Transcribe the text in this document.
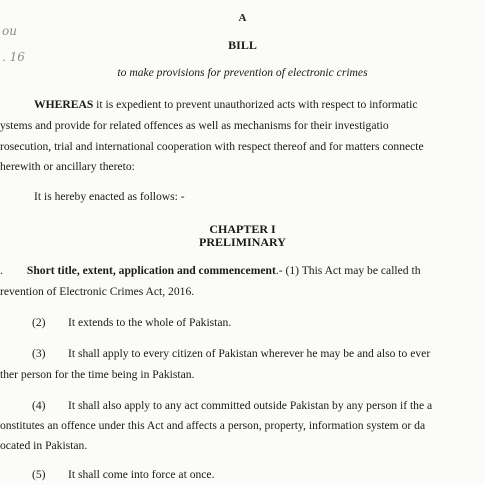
ou
. 16
A
BILL
to make provisions for prevention of electronic crimes
WHEREAS it is expedient to prevent unauthorized acts with respect to informatic
ystems and provide for related offences as well as mechanisms for their investigatio
rosecution, trial and international cooperation with respect thereof and for matters connecte
herewith or ancillary thereto:
It is hereby enacted as follows: -
CHAPTER I
PRELIMINARY
. Short title, extent, application and commencement.- (1) This Act may be called th
revention of Electronic Crimes Act, 2016.
(2) It extends to the whole of Pakistan.
(3) It shall apply to every citizen of Pakistan wherever he may be and also to ever
ther person for the time being in Pakistan.
(4) It shall also apply to any act committed outside Pakistan by any person if the a
onstitutes an offence under this Act and affects a person, property, information system or da
ocated in Pakistan.
(5) It shall come into force at once.
